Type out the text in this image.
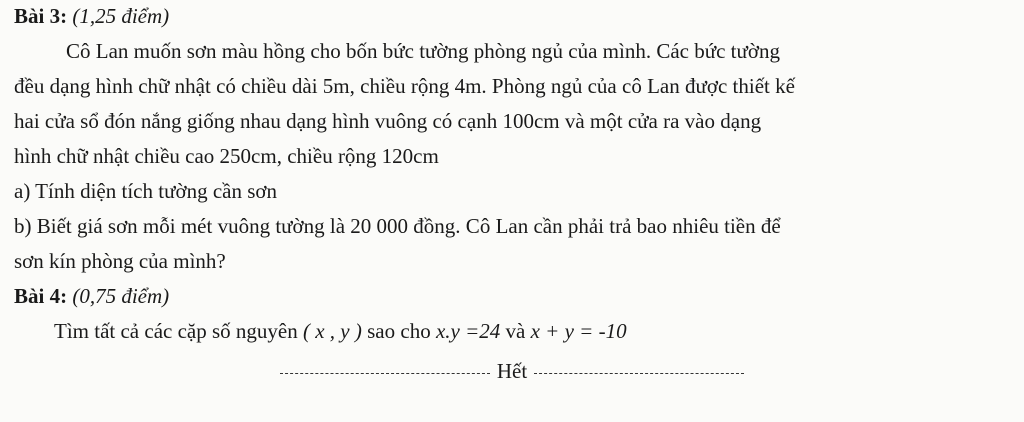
Bài 3: (1,25 điểm)
Cô Lan muốn sơn màu hồng cho bốn bức tường phòng ngủ của mình. Các bức tường
đều dạng hình chữ nhật có chiều dài 5m, chiều rộng 4m. Phòng ngủ của cô Lan được thiết kế
hai cửa sổ đón nắng giống nhau dạng hình vuông có cạnh 100cm và một cửa ra vào dạng
hình chữ nhật chiều cao 250cm, chiều rộng 120cm
a) Tính diện tích tường cần sơn
b) Biết giá sơn mỗi mét vuông tường là 20 000 đồng. Cô Lan cần phải trả bao nhiêu tiền để
sơn kín phòng của mình?
Bài 4: (0,75 điểm)
Tìm tất cả các cặp số nguyên ( x , y ) sao cho x.y =24 và x + y = -10
Hết
